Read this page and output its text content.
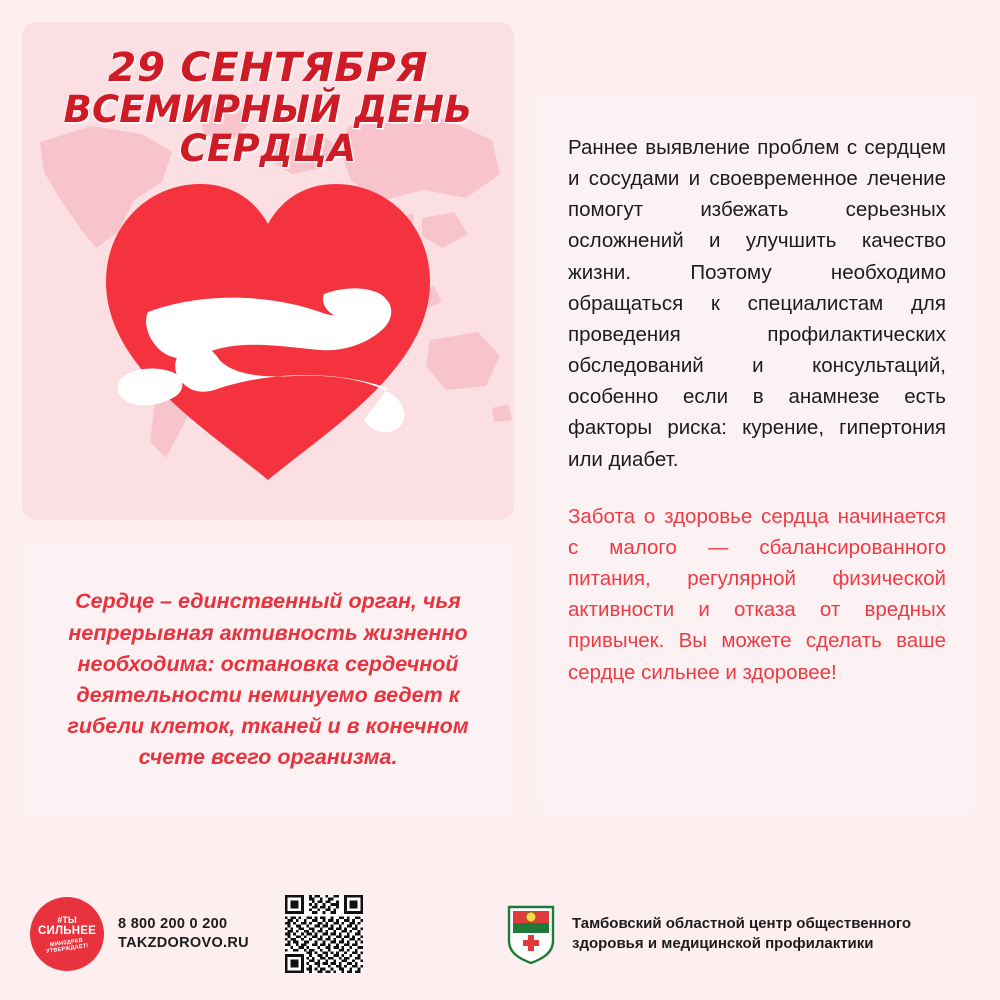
29 СЕНТЯБРЯ
ВСЕМИРНЫЙ ДЕНЬ СЕРДЦА

Сердце – единственный орган, чья непрерывная активность жизненно необходима: остановка сердечной деятельности неминуемо ведет к гибели клеток, тканей и в конечном счете всего организма.

Раннее выявление проблем с сердцем и сосудами и своевременное лечение помогут избежать серьезных осложнений и улучшить качество жизни. Поэтому необходимо обращаться к специалистам для проведения профилактических обследований и консультаций, особенно если в анамнезе есть факторы риска: курение, гипертония или диабет.

Забота о здоровье сердца начинается с малого — сбалансированного питания, регулярной физической активности и отказа от вредных привычек. Вы можете сделать ваше сердце сильнее и здоровее!

#ТЫ
СИЛЬНЕЕ
МИНЗДРАВ УТВЕРЖДАЕТ!
8 800 200 0 200
TAKZDOROVO.RU
Тамбовский областной центр общественного здоровья и медицинской профилактики
